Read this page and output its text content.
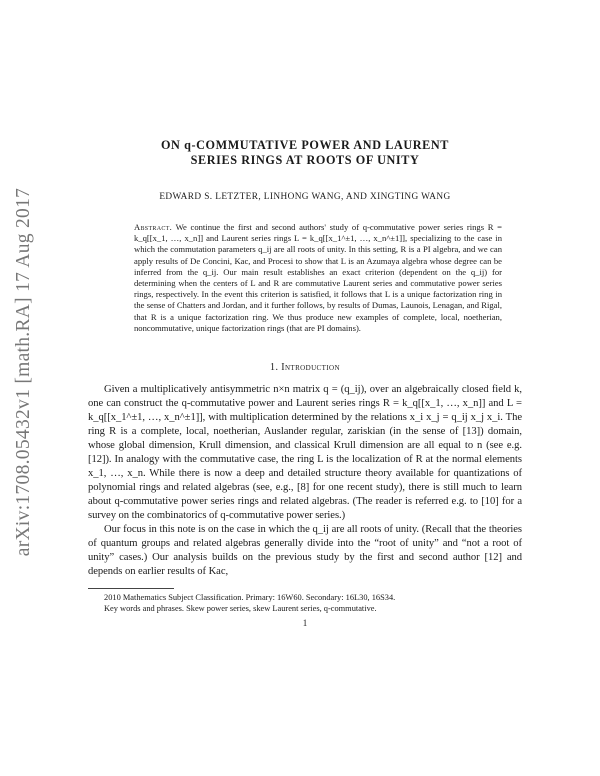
arXiv:1708.05432v1 [math.RA] 17 Aug 2017
ON q-COMMUTATIVE POWER AND LAURENT
SERIES RINGS AT ROOTS OF UNITY
EDWARD S. LETZTER, LINHONG WANG, AND XINGTING WANG
Abstract. We continue the first and second authors' study of q-commutative power series rings R = k_q[[x_1, …, x_n]] and Laurent series rings L = k_q[[x_1^±1, …, x_n^±1]], specializing to the case in which the commutation parameters q_ij are all roots of unity. In this setting, R is a PI algebra, and we can apply results of De Concini, Kac, and Procesi to show that L is an Azumaya algebra whose degree can be inferred from the q_ij. Our main result establishes an exact criterion (dependent on the q_ij) for determining when the centers of L and R are commutative Laurent series and commutative power series rings, respectively. In the event this criterion is satisfied, it follows that L is a unique factorization ring in the sense of Chatters and Jordan, and it further follows, by results of Dumas, Launois, Lenagan, and Rigal, that R is a unique factorization ring. We thus produce new examples of complete, local, noetherian, noncommutative, unique factorization rings (that are PI domains).
1. Introduction

Given a multiplicatively antisymmetric n×n matrix q = (q_ij), over an algebraically closed field k, one can construct the q-commutative power and Laurent series rings R = k_q[[x_1, …, x_n]] and L = k_q[[x_1^±1, …, x_n^±1]], with multiplication determined by the relations x_i x_j = q_ij x_j x_i. The ring R is a complete, local, noetherian, Auslander regular, zariskian (in the sense of [13]) domain, whose global dimension, Krull dimension, and classical Krull dimension are all equal to n (see e.g. [12]). In analogy with the commutative case, the ring L is the localization of R at the normal elements x_1, …, x_n. While there is now a deep and detailed structure theory available for quantizations of polynomial rings and related algebras (see, e.g., [8] for one recent study), there is still much to learn about q-commutative power series rings and related algebras. (The reader is referred e.g. to [10] for a survey on the combinatorics of q-commutative power series.)

Our focus in this note is on the case in which the q_ij are all roots of unity. (Recall that the theories of quantum groups and related algebras generally divide into the “root of unity” and “not a root of unity” cases.) Our analysis builds on the previous study by the first and second author [12] and depends on earlier results of Kac,

2010 Mathematics Subject Classification. Primary: 16W60. Secondary: 16L30, 16S34.

Key words and phrases. Skew power series, skew Laurent series, q-commutative.

1
